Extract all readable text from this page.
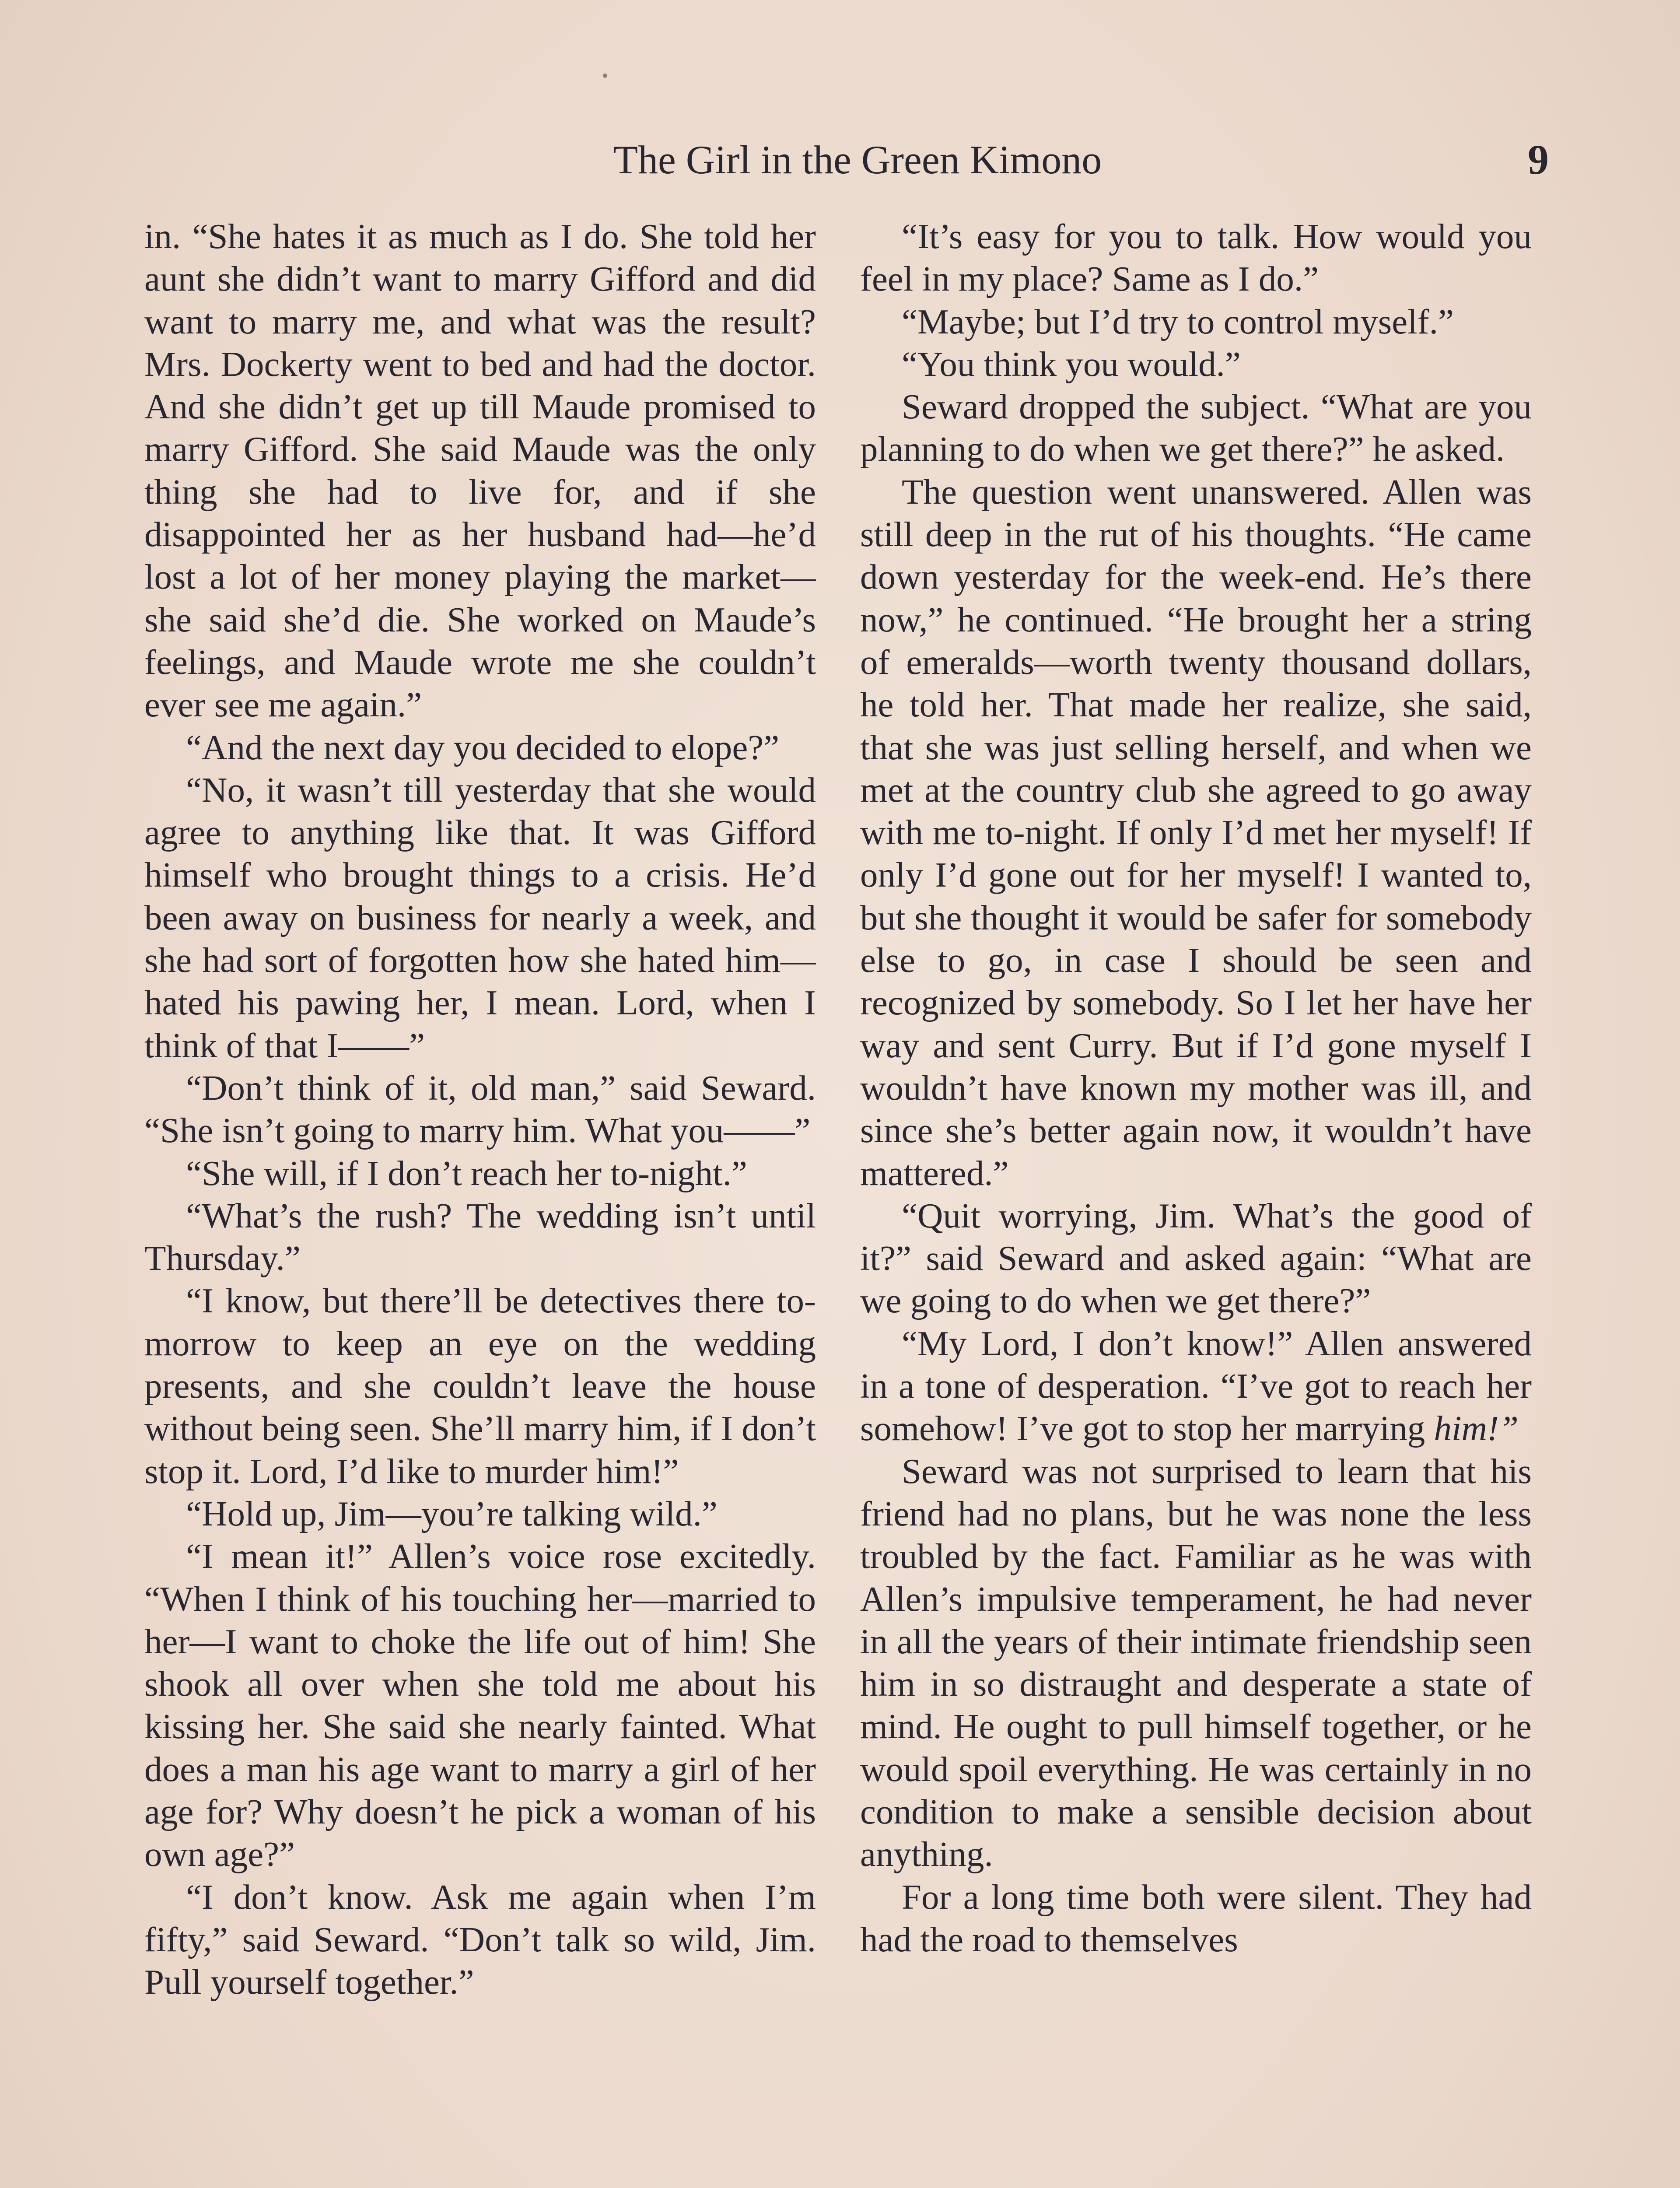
The Girl in the Green Kimono	9

in. “She hates it as much as I do. She told her aunt she didn’t want to marry Gifford and did want to marry me, and what was the result? Mrs. Dockerty went to bed and had the doctor. And she didn’t get up till Maude promised to marry Gifford. She said Maude was the only thing she had to live for, and if she disappointed her as her husband had—he’d lost a lot of her money playing the market—she said she’d die. She worked on Maude’s feelings, and Maude wrote me she couldn’t ever see me again.”

“And the next day you decided to elope?”

“No, it wasn’t till yesterday that she would agree to anything like that. It was Gifford himself who brought things to a crisis. He’d been away on business for nearly a week, and she had sort of forgotten how she hated him—hated his pawing her, I mean. Lord, when I think of that I——”

“Don’t think of it, old man,” said Seward. “She isn’t going to marry him. What you——”

“She will, if I don’t reach her to-night.”

“What’s the rush? The wedding isn’t until Thursday.”

“I know, but there’ll be detectives there to-morrow to keep an eye on the wedding presents, and she couldn’t leave the house without being seen. She’ll marry him, if I don’t stop it. Lord, I’d like to murder him!”

“Hold up, Jim—you’re talking wild.”

“I mean it!” Allen’s voice rose excitedly. “When I think of his touching her—married to her—I want to choke the life out of him! She shook all over when she told me about his kissing her. She said she nearly fainted. What does a man his age want to marry a girl of her age for? Why doesn’t he pick a woman of his own age?”

“I don’t know. Ask me again when I’m fifty,” said Seward. “Don’t talk so wild, Jim. Pull yourself together.”

“It’s easy for you to talk. How would you feel in my place? Same as I do.”

“Maybe; but I’d try to control myself.”

“You think you would.”

Seward dropped the subject. “What are you planning to do when we get there?” he asked.

The question went unanswered. Allen was still deep in the rut of his thoughts. “He came down yesterday for the week-end. He’s there now,” he continued. “He brought her a string of emeralds—worth twenty thousand dollars, he told her. That made her realize, she said, that she was just selling herself, and when we met at the country club she agreed to go away with me to-night. If only I’d met her myself! If only I’d gone out for her myself! I wanted to, but she thought it would be safer for somebody else to go, in case I should be seen and recognized by somebody. So I let her have her way and sent Curry. But if I’d gone myself I wouldn’t have known my mother was ill, and since she’s better again now, it wouldn’t have mattered.”

“Quit worrying, Jim. What’s the good of it?” said Seward and asked again: “What are we going to do when we get there?”

“My Lord, I don’t know!” Allen answered in a tone of desperation. “I’ve got to reach her somehow! I’ve got to stop her marrying him!”

Seward was not surprised to learn that his friend had no plans, but he was none the less troubled by the fact. Familiar as he was with Allen’s impulsive temperament, he had never in all the years of their intimate friendship seen him in so distraught and desperate a state of mind. He ought to pull himself together, or he would spoil everything. He was certainly in no condition to make a sensible decision about anything.

For a long time both were silent. They had had the road to themselves
